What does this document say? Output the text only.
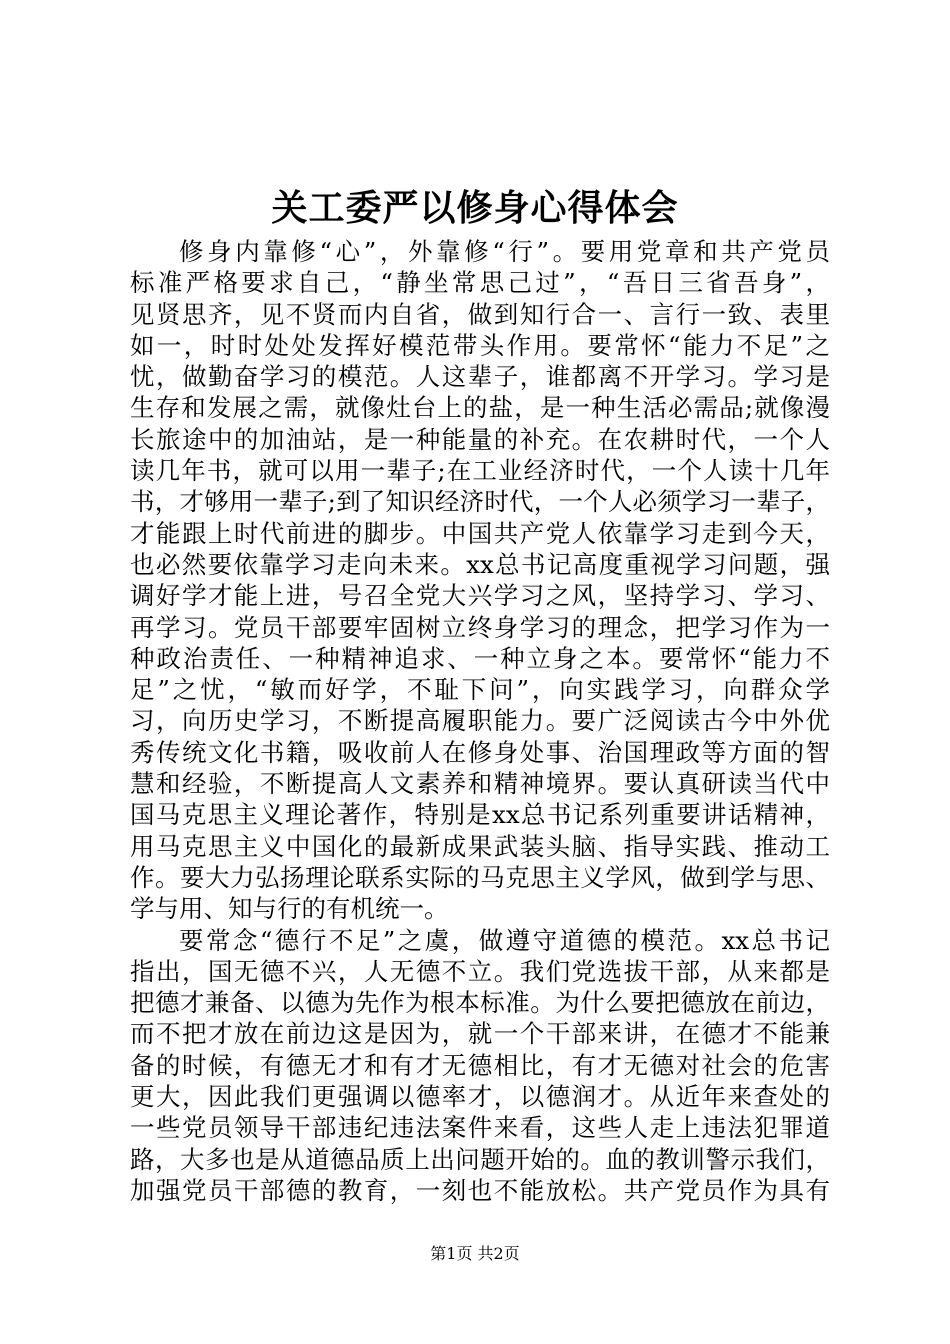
关工委严以修身心得体会
修身内靠修“心”，外靠修“行”。要用党章和共产党员
标准严格要求自己，“静坐常思己过”，“吾日三省吾身”，
见贤思齐，见不贤而内自省，做到知行合一、言行一致、表里
如一，时时处处发挥好模范带头作用。要常怀“能力不足”之
忧，做勤奋学习的模范。人这辈子，谁都离不开学习。学习是
生存和发展之需，就像灶台上的盐，是一种生活必需品;就像漫
长旅途中的加油站，是一种能量的补充。在农耕时代，一个人
读几年书，就可以用一辈子;在工业经济时代，一个人读十几年
书，才够用一辈子;到了知识经济时代，一个人必须学习一辈子，
才能跟上时代前进的脚步。中国共产党人依靠学习走到今天，
也必然要依靠学习走向未来。xx总书记高度重视学习问题，强
调好学才能上进，号召全党大兴学习之风，坚持学习、学习、
再学习。党员干部要牢固树立终身学习的理念，把学习作为一
种政治责任、一种精神追求、一种立身之本。要常怀“能力不
足”之忧，“敏而好学，不耻下问”，向实践学习，向群众学
习，向历史学习，不断提高履职能力。要广泛阅读古今中外优
秀传统文化书籍，吸收前人在修身处事、治国理政等方面的智
慧和经验，不断提高人文素养和精神境界。要认真研读当代中
国马克思主义理论著作，特别是xx总书记系列重要讲话精神，
用马克思主义中国化的最新成果武装头脑、指导实践、推动工
作。要大力弘扬理论联系实际的马克思主义学风，做到学与思、
学与用、知与行的有机统一。
要常念“德行不足”之虞，做遵守道德的模范。xx总书记
指出，国无德不兴，人无德不立。我们党选拔干部，从来都是
把德才兼备、以德为先作为根本标准。为什么要把德放在前边，
而不把才放在前边这是因为，就一个干部来讲，在德才不能兼
备的时候，有德无才和有才无德相比，有才无德对社会的危害
更大，因此我们更强调以德率才，以德润才。从近年来查处的
一些党员领导干部违纪违法案件来看，这些人走上违法犯罪道
路，大多也是从道德品质上出问题开始的。血的教训警示我们，
加强党员干部德的教育，一刻也不能放松。共产党员作为具有
第1页 共2页
